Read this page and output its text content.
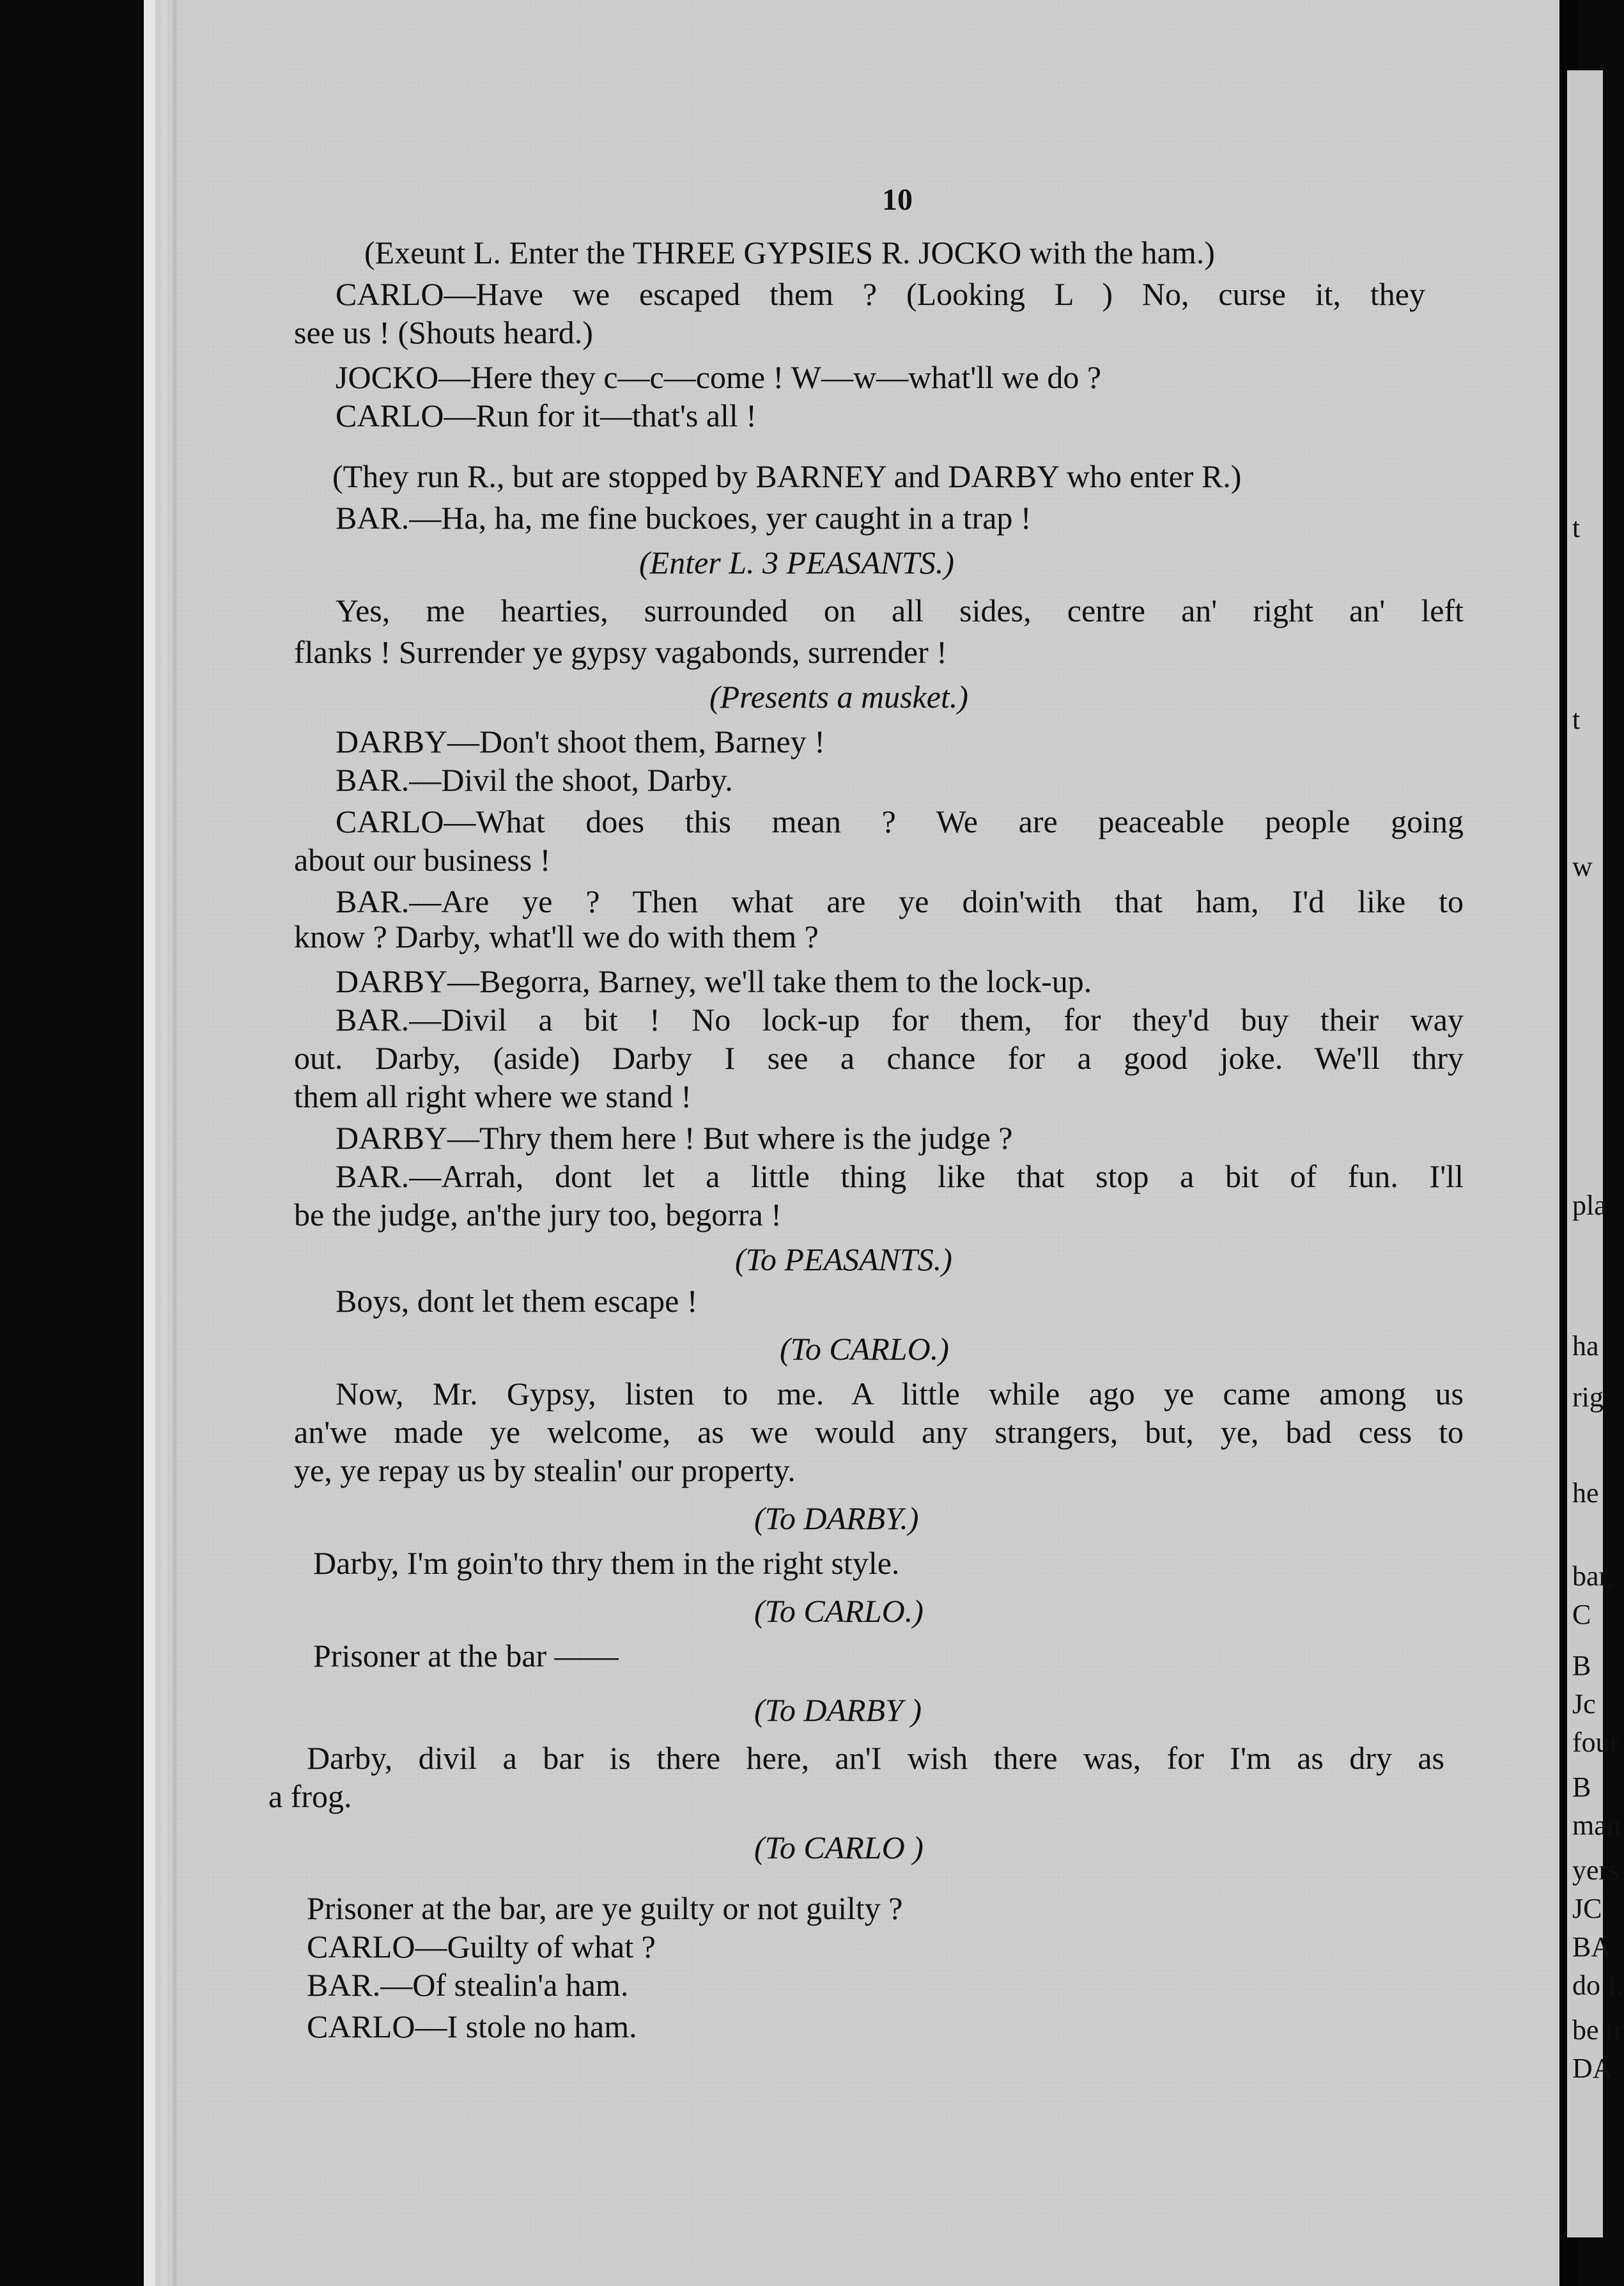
10
(Exeunt L. Enter the THREE GYPSIES R. JOCKO with the ham.)
CARLO—Have we escaped them ? (Looking L ) No, curse it, they
see us ! (Shouts heard.)
JOCKO—Here they c—c—come ! W—w—what'll we do ?
CARLO—Run for it—that's all !
(They run R., but are stopped by BARNEY and DARBY who enter R.)
BAR.—Ha, ha, me fine buckoes, yer caught in a trap !
(Enter L. 3 PEASANTS.)
Yes, me hearties, surrounded on all sides, centre an' right an' left
flanks ! Surrender ye gypsy vagabonds, surrender !
(Presents a musket.)
DARBY—Don't shoot them, Barney !
BAR.—Divil the shoot, Darby.
CARLO—What does this mean ? We are peaceable people going
about our business !
BAR.—Are ye ? Then what are ye doin'with that ham, I'd like to
know ? Darby, what'll we do with them ?
DARBY—Begorra, Barney, we'll take them to the lock-up.
BAR.—Divil a bit ! No lock-up for them, for they'd buy their way
out. Darby, (aside) Darby I see a chance for a good joke. We'll thry
them all right where we stand !
DARBY—Thry them here ! But where is the judge ?
BAR.—Arrah, dont let a little thing like that stop a bit of fun. I'll
be the judge, an'the jury too, begorra !
(To PEASANTS.)
Boys, dont let them escape !
(To CARLO.)
Now, Mr. Gypsy, listen to me. A little while ago ye came among us
an'we made ye welcome, as we would any strangers, but, ye, bad cess to
ye, ye repay us by stealin' our property.
(To DARBY.)
Darby, I'm goin'to thry them in the right style.
(To CARLO.)
Prisoner at the bar ——
(To DARBY )
Darby, divil a bar is there here, an'I wish there was, for I'm as dry as
a frog.
(To CARLO )
Prisoner at the bar, are ye guilty or not guilty ?
CARLO—Guilty of what ?
BAR.—Of stealin'a ham.
CARLO—I stole no ham.
t
t
w
pla
ha
rig
he
bar,
C
B
Jc
four
B
man
yers
JC
BA
do I.
be tr
DA
